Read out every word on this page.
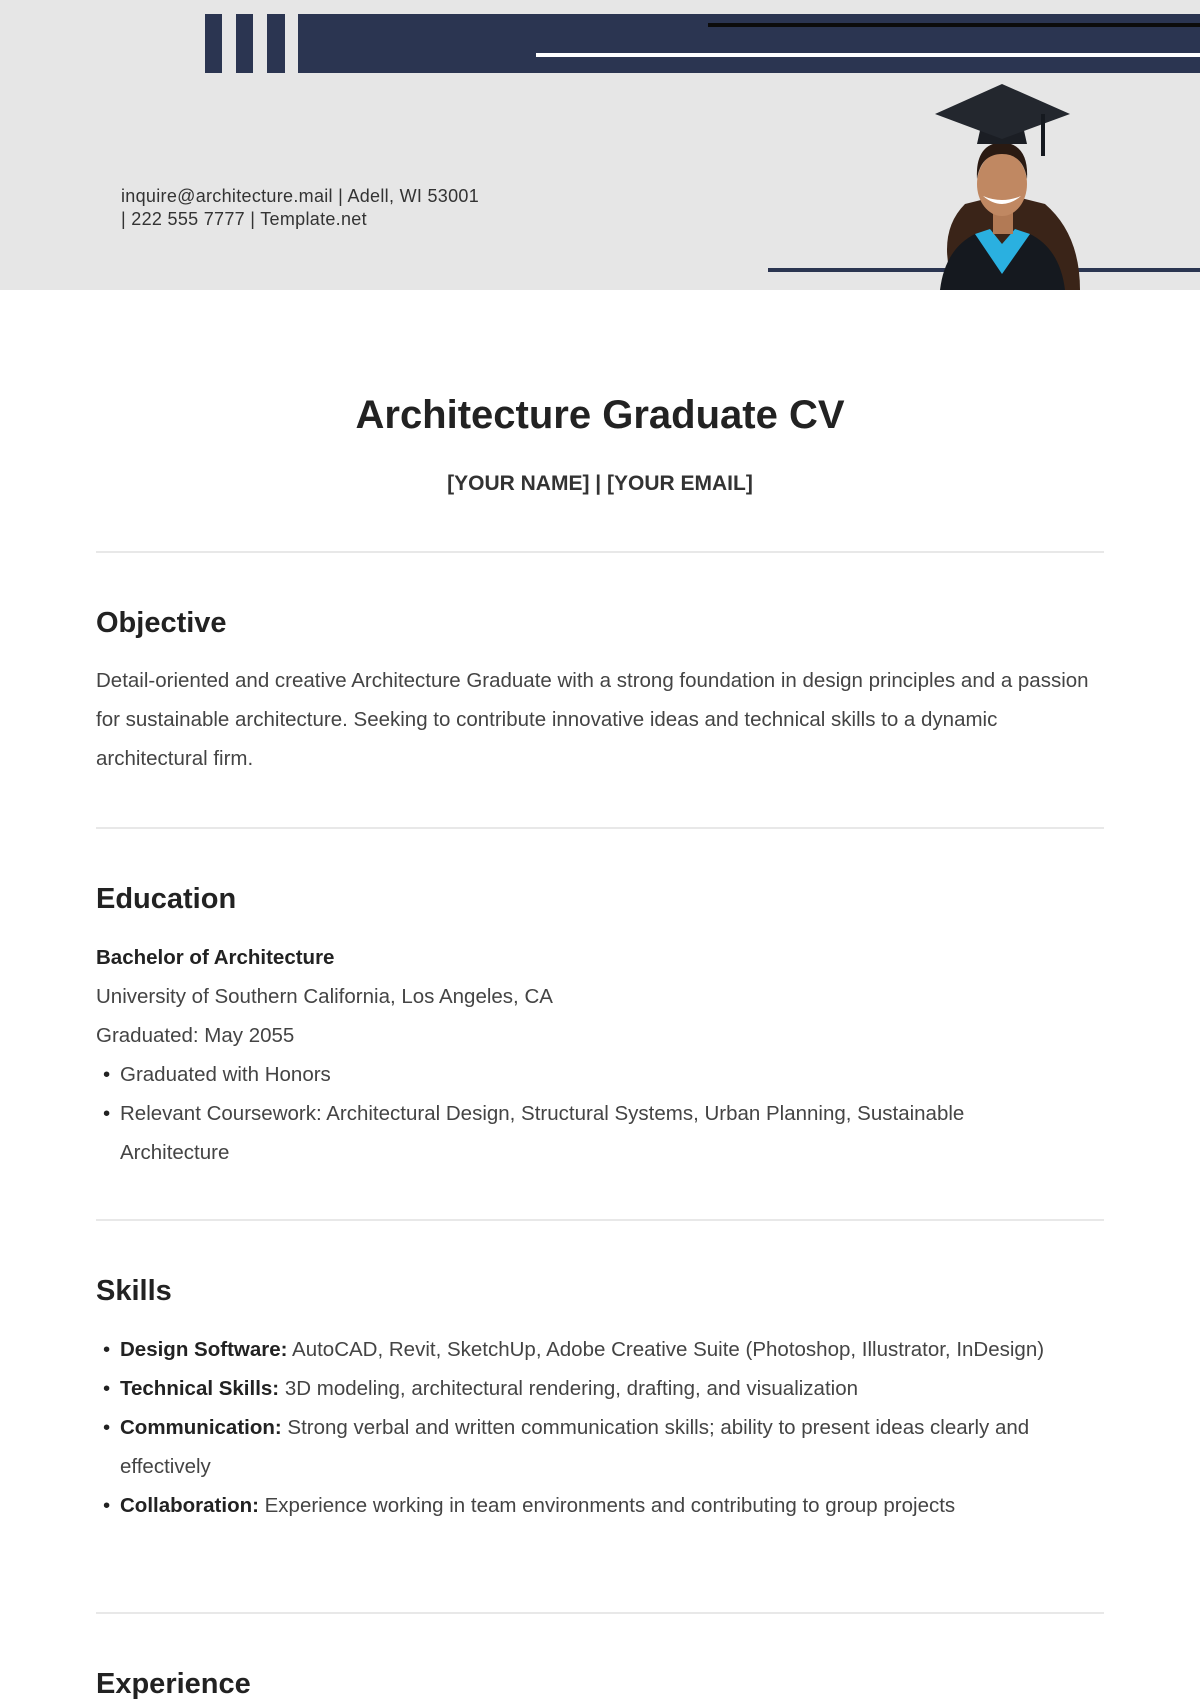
inquire@architecture.mail | Adell, WI 53001
| 222 555 7777 | Template.net
Architecture Graduate CV
[YOUR NAME] | [YOUR EMAIL]
Objective

Detail-oriented and creative Architecture Graduate with a strong foundation in design principles and a passion for sustainable architecture. Seeking to contribute innovative ideas and technical skills to a dynamic architectural firm.

Education
Bachelor of Architecture
University of Southern California, Los Angeles, CA
Graduated: May 2055
• Graduated with Honors
• Relevant Coursework: Architectural Design, Structural Systems, Urban Planning, Sustainable Architecture
Skills
• Design Software: AutoCAD, Revit, SketchUp, Adobe Creative Suite (Photoshop, Illustrator, InDesign)
• Technical Skills: 3D modeling, architectural rendering, drafting, and visualization
• Communication: Strong verbal and written communication skills; ability to present ideas clearly and effectively
• Collaboration: Experience working in team environments and contributing to group projects
Experience
